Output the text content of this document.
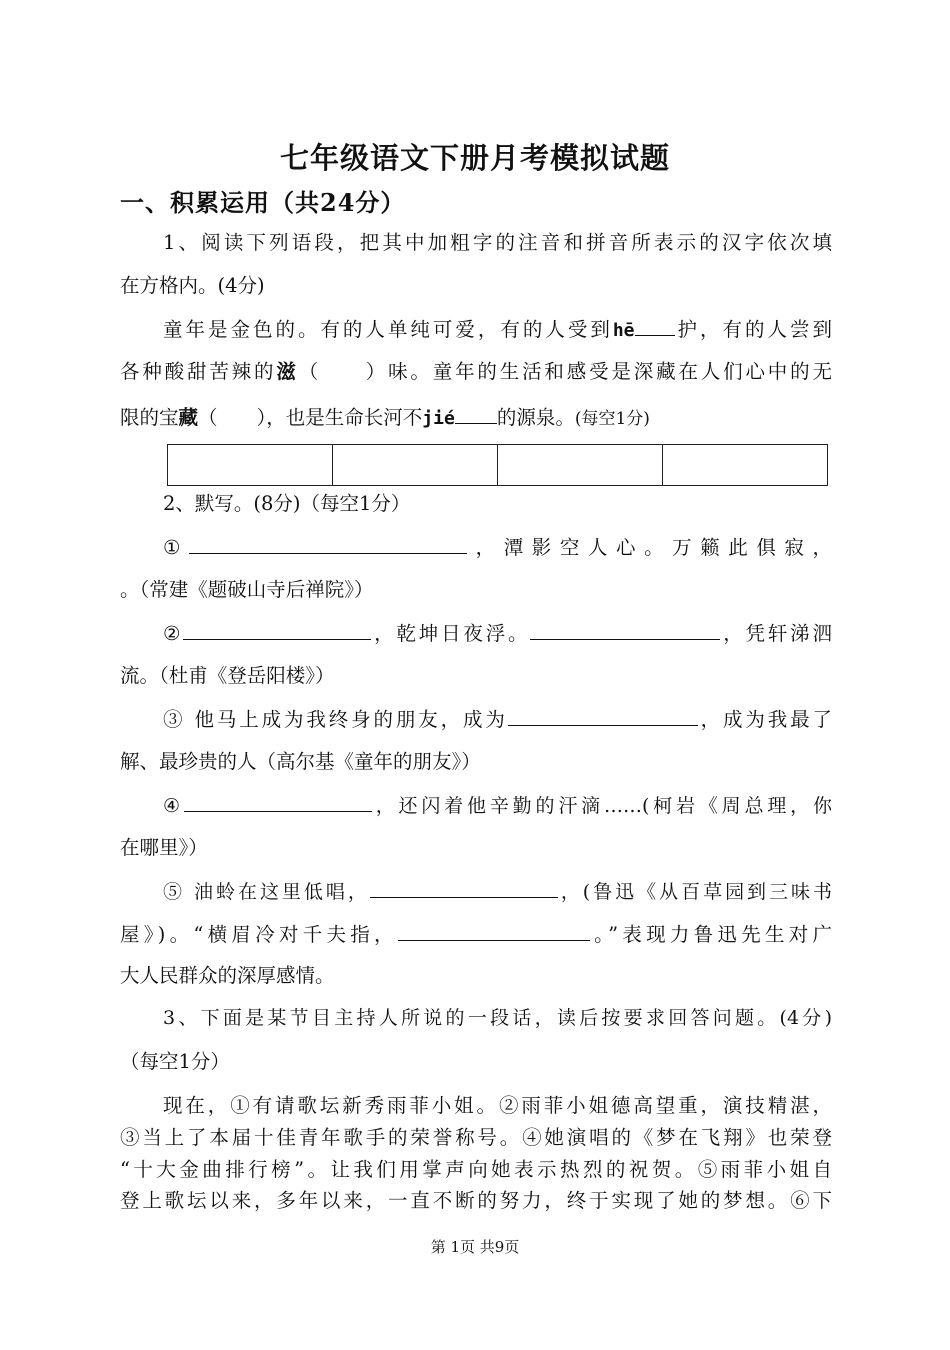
七年级语文下册月考模拟试题
一、积累运用（共24分）
1、阅读下列语段，把其中加粗字的注音和拼音所表示的汉字依次填
在方格内。(4分)
童年是金色的。有的人单纯可爱，有的人受到hē 护，有的人尝到
各种酸甜苦辣的滋（　　）味。童年的生活和感受是深藏在人们心中的无
限的宝藏（　　），也是生命长河不jié 的源泉。(每空1分)
2、默写。(8分)（每空1分）
①	，潭影空人心。万籁此俱寂，
。（常建《题破山寺后禅院》）
②	，乾坤日夜浮。	，凭轩涕泗
流。（杜甫《登岳阳楼》）
③ 他马上成为我终身的朋友，成为	，成为我最了
解、最珍贵的人（高尔基《童年的朋友》）
④	，还闪着他辛勤的汗滴……(柯岩《周总理，你
在哪里》）
⑤ 油蛉在这里低唱，	，(鲁迅《从百草园到三味书
屋》)。“横眉冷对千夫指，	。”表现力鲁迅先生对广
大人民群众的深厚感情。
3、下面是某节目主持人所说的一段话，读后按要求回答问题。(4分)
（每空1分）
现在，①有请歌坛新秀雨菲小姐。②雨菲小姐德高望重，演技精湛，
③当上了本届十佳青年歌手的荣誉称号。④她演唱的《梦在飞翔》也荣登
“十大金曲排行榜”。让我们用掌声向她表示热烈的祝贺。⑤雨菲小姐自
登上歌坛以来，多年以来，一直不断的努力，终于实现了她的梦想。⑥下
第 1页 共9页
